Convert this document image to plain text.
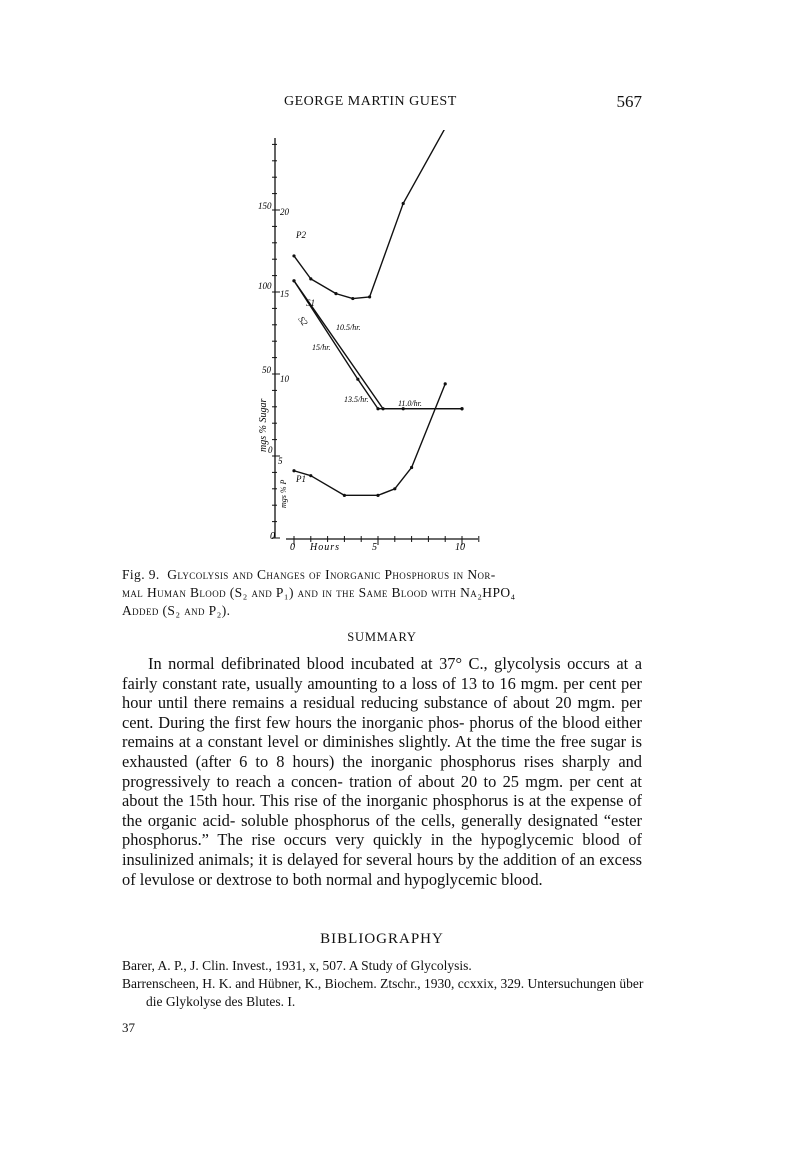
GEORGE MARTIN GUEST	567
150
100
50
0
20
15
10
5
0
mgs % Sugar
mgs % P
0 Hours	5	10
P2
S1
S2
P1
10.5/hr.
15/hr.
13.5/hr.	11.0/hr.
Fig. 9. Glycolysis and Changes of Inorganic Phosphorus in Nor-
mal Human Blood (S₂ and P₁) and in the Same Blood with Na₂HPO₄
Added (S₂ and P₂).
SUMMARY

In normal defibrinated blood incubated at 37° C., glycolysis occurs at a fairly constant rate, usually amounting to a loss of 13 to 16 mgm. per cent per hour until there remains a residual reducing substance of about 20 mgm. per cent. During the first few hours the inorganic phos- phorus of the blood either remains at a constant level or diminishes slightly. At the time the free sugar is exhausted (after 6 to 8 hours) the inorganic phosphorus rises sharply and progressively to reach a concen- tration of about 20 to 25 mgm. per cent at about the 15th hour. This rise of the inorganic phosphorus is at the expense of the organic acid- soluble phosphorus of the cells, generally designated “ester phosphorus.” The rise occurs very quickly in the hypoglycemic blood of insulinized animals; it is delayed for several hours by the addition of an excess of levulose or dextrose to both normal and hypoglycemic blood.

BIBLIOGRAPHY

Barer, A. P., J. Clin. Invest., 1931, x, 507. A Study of Glycolysis.

Barrenscheen, H. K. and Hübner, K., Biochem. Ztschr., 1930, ccxxix, 329. Untersuchungen über die Glykolyse des Blutes. I.

37
